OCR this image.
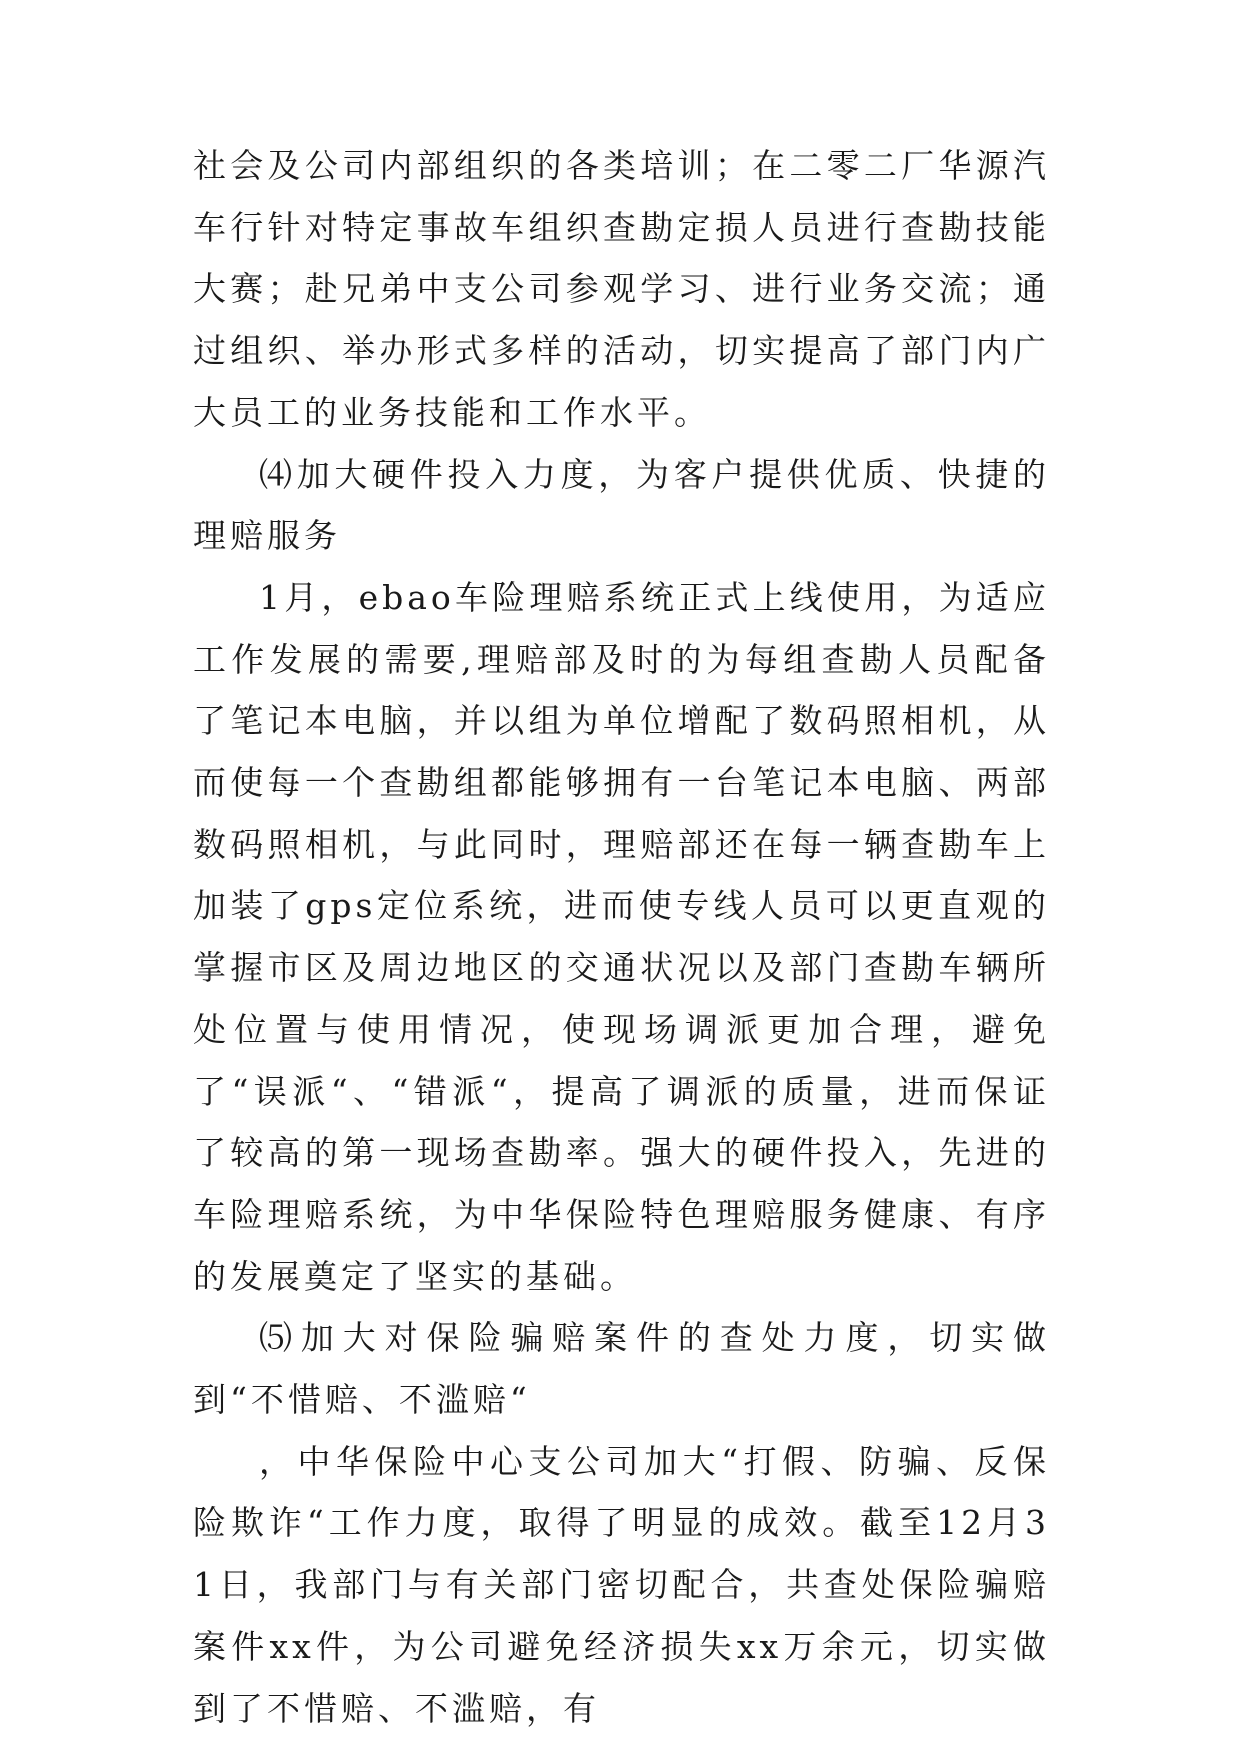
社会及公司内部组织的各类培训；在二零二厂华源汽车行针对特定事故车组织查勘定损人员进行查勘技能大赛；赴兄弟中支公司参观学习、进行业务交流；通过组织、举办形式多样的活动，切实提高了部门内广大员工的业务技能和工作水平。

⑷加大硬件投入力度，为客户提供优质、快捷的理赔服务

1月，ebao车险理赔系统正式上线使用，为适应工作发展的需要,理赔部及时的为每组查勘人员配备了笔记本电脑，并以组为单位增配了数码照相机，从而使每一个查勘组都能够拥有一台笔记本电脑、两部数码照相机，与此同时，理赔部还在每一辆查勘车上加装了gps定位系统，进而使专线人员可以更直观的掌握市区及周边地区的交通状况以及部门查勘车辆所处位置与使用情况，使现场调派更加合理，避免了“误派“、“错派“，提高了调派的质量，进而保证了较高的第一现场查勘率。强大的硬件投入，先进的车险理赔系统，为中华保险特色理赔服务健康、有序的发展奠定了坚实的基础。

⑸加大对保险骗赔案件的查处力度，切实做到“不惜赔、不滥赔“

，中华保险中心支公司加大“打假、防骗、反保险欺诈“工作力度，取得了明显的成效。截至12月31日，我部门与有关部门密切配合，共查处保险骗赔案件xx件，为公司避免经济损失xx万余元，切实做到了不惜赔、不滥赔，有
